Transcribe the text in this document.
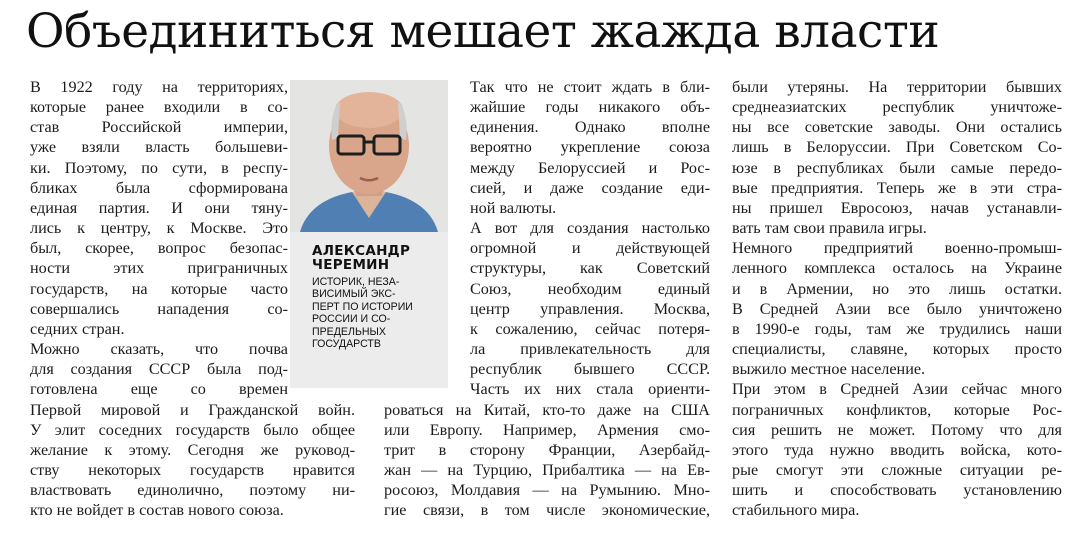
Объединиться мешает жажда власти
В 1922 году на территориях,
которые ранее входили в со-
став Российской империи,
уже взяли власть большеви-
ки. Поэтому, по сути, в респу-
бликах была сформирована
единая партия. И они тяну-
лись к центру, к Москве. Это
был, скорее, вопрос безопас-
ности этих приграничных
государств, на которые часто
совершались нападения со-
седних стран.
Можно сказать, что почва
для создания СССР была под-
готовлена еще со времен
Первой мировой и Гражданской войн.
У элит соседних государств было общее
желание к этому. Сегодня же руковод-
ству некоторых государств нравится
властвовать единолично, поэтому ни-
кто не войдет в состав нового союза.
АЛЕКСАНДР
ЧЕРЕМИН
ИСТОРИК, НЕЗА-
ВИСИМЫЙ ЭКС-
ПЕРТ ПО ИСТОРИИ
РОССИИ И СО-
ПРЕДЕЛЬНЫХ
ГОСУДАРСТВ
Так что не стоит ждать в бли-
жайшие годы никакого объ-
единения. Однако вполне
вероятно укрепление союза
между Белоруссией и Рос-
сией, и даже создание еди-
ной валюты.
А вот для создания настолько
огромной и действующей
структуры, как Советский
Союз, необходим единый
центр управления. Москва,
к сожалению, сейчас потеря-
ла привлекательность для
республик бывшего СССР.
Часть их них стала ориенти-
роваться на Китай, кто-то даже на США
или Европу. Например, Армения смо-
трит в сторону Франции, Азербайд-
жан — на Турцию, Прибалтика — на Ев-
росоюз, Молдавия — на Румынию. Мно-
гие связи, в том числе экономические,
были утеряны. На территории бывших
среднеазиатских республик уничтоже-
ны все советские заводы. Они остались
лишь в Белоруссии. При Советском Со-
юзе в республиках были самые передо-
вые предприятия. Теперь же в эти стра-
ны пришел Евросоюз, начав устанавли-
вать там свои правила игры.
Немного предприятий военно-промыш-
ленного комплекса осталось на Украине
и в Армении, но это лишь остатки.
В Средней Азии все было уничтожено
в 1990-е годы, там же трудились наши
специалисты, славяне, которых просто
выжило местное население.
При этом в Средней Азии сейчас много
пограничных конфликтов, которые Рос-
сия решить не может. Потому что для
этого туда нужно вводить войска, кото-
рые смогут эти сложные ситуации ре-
шить и способствовать установлению
стабильного мира.
